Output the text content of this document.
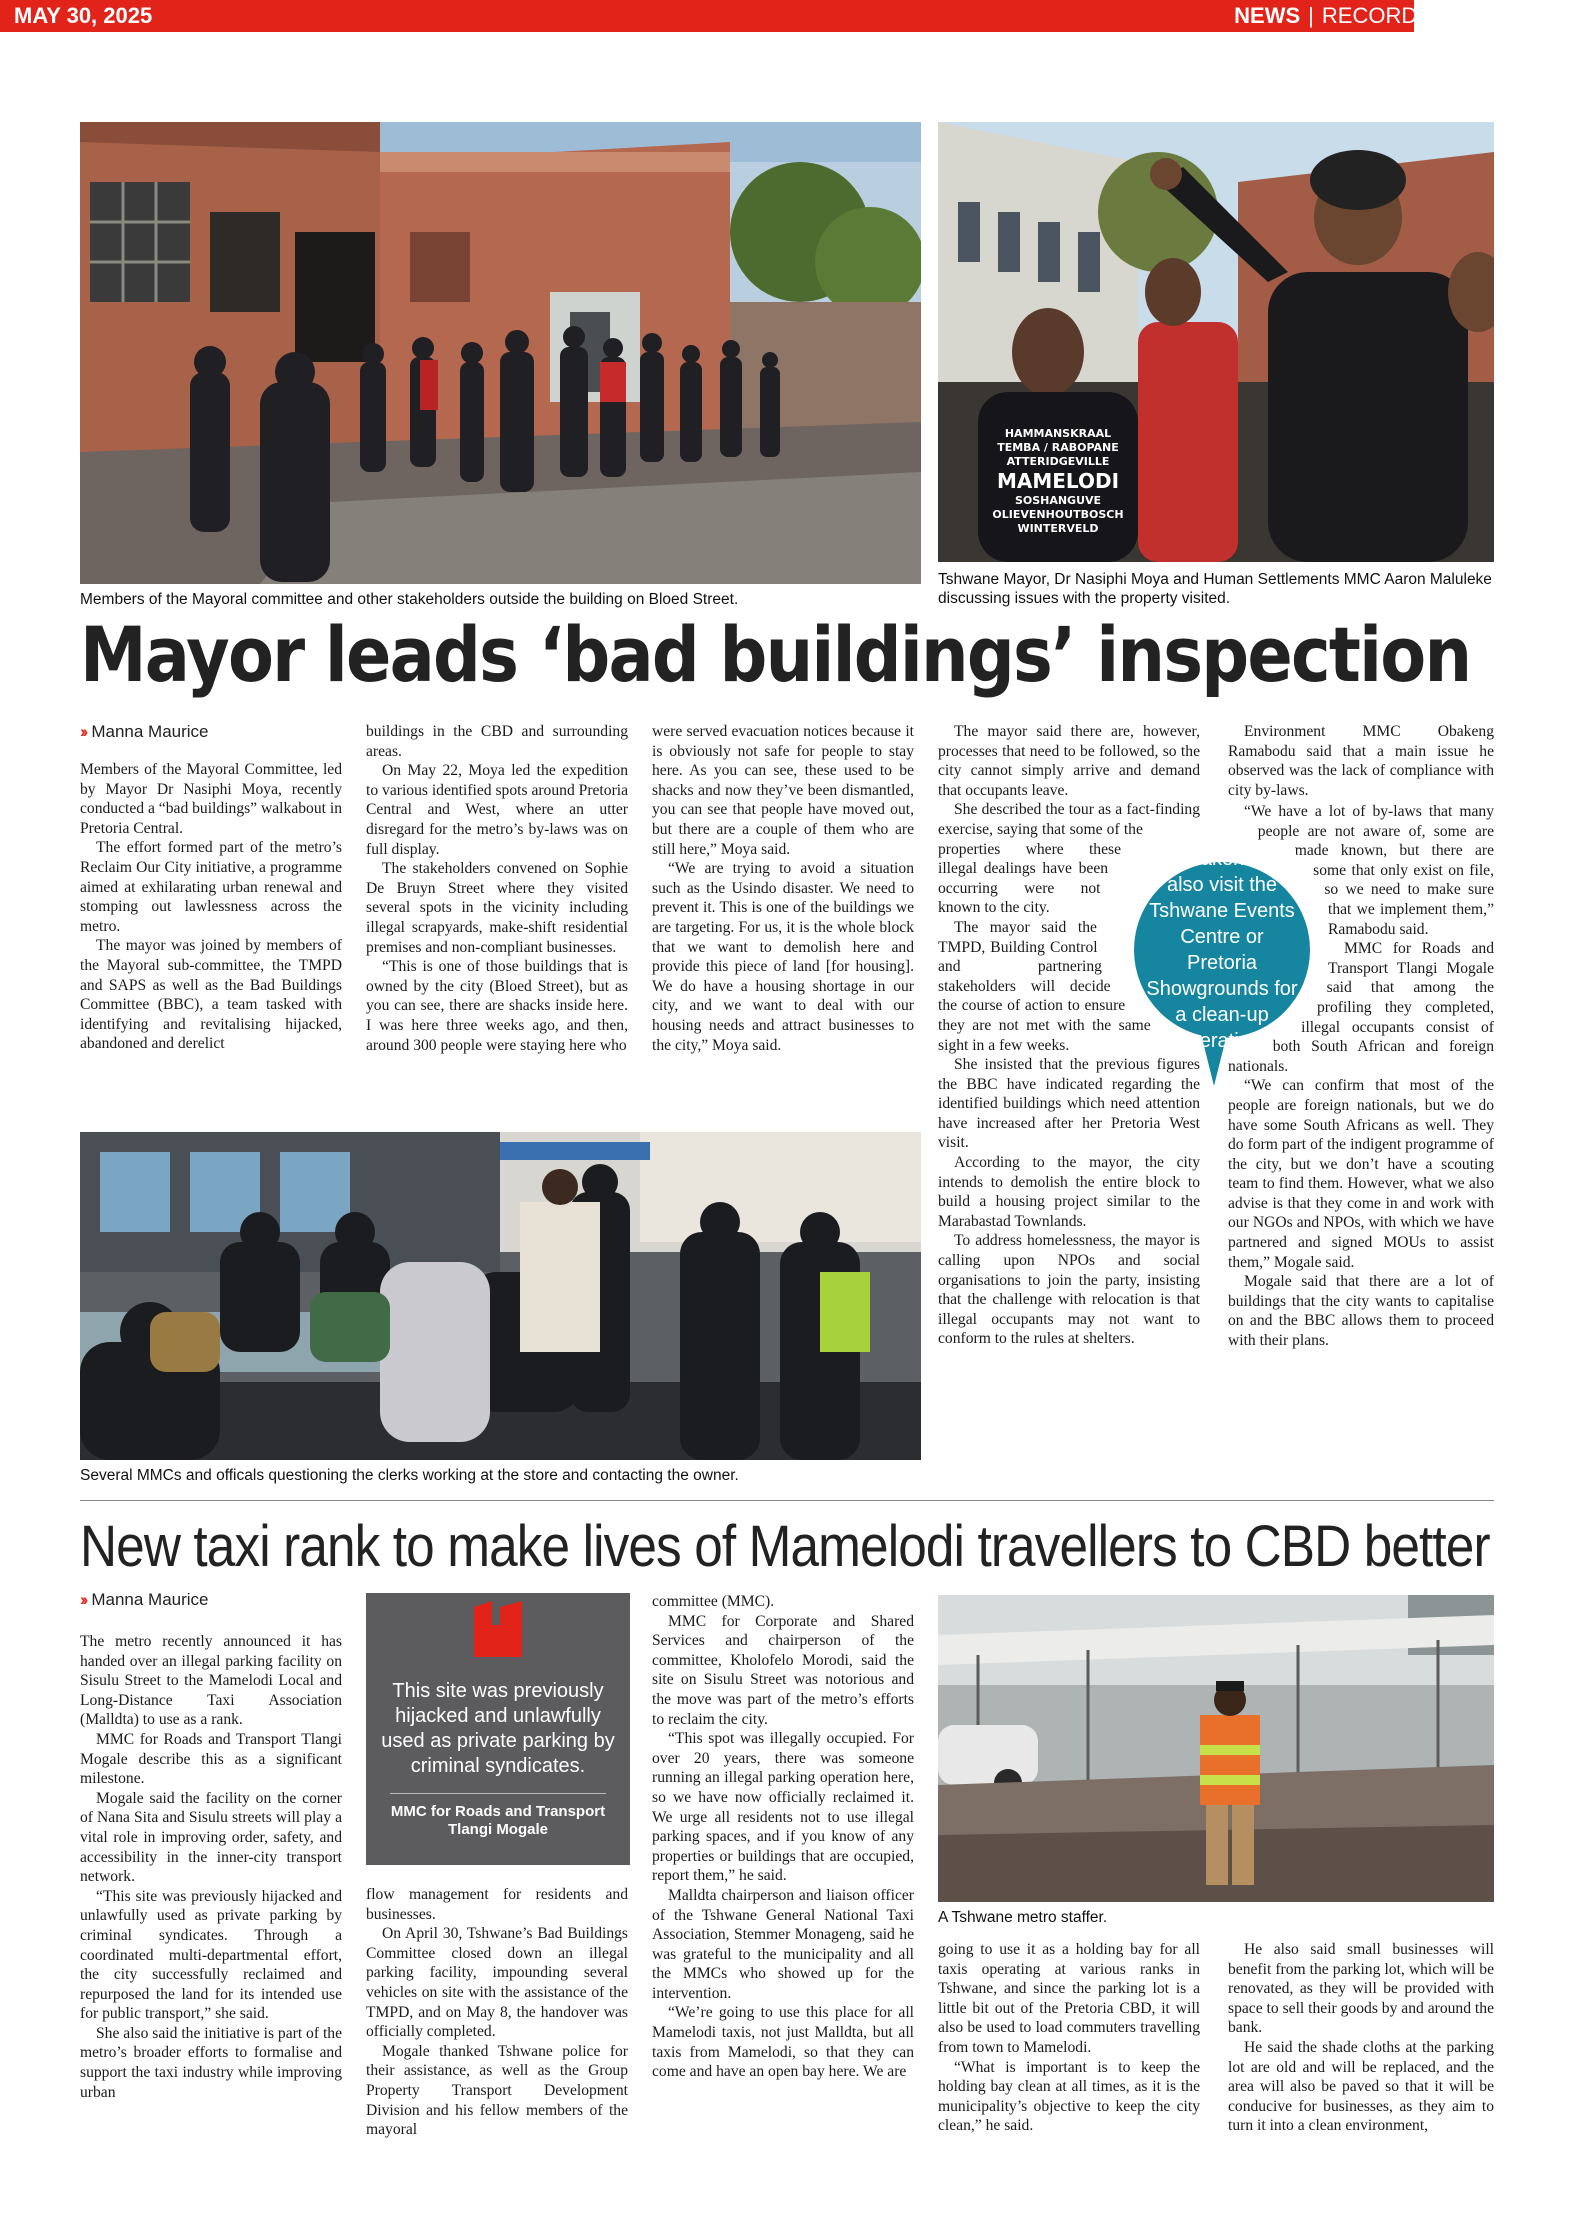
MAY 30, 2025	NEWS | RECORD CENTRAL | 5
Members of the Mayoral committee and other stakeholders outside the building on Bloed Street.
HAMMANSKRAAL
TEMBA / RABOPANE
ATTERIDGEVILLE
MAMELODI
SOSHANGUVE
OLIEVENHOUTBOSCH
WINTERVELD
Tshwane Mayor, Dr Nasiphi Moya and Human Settlements MMC Aaron Maluleke discussing issues with the property visited.
Mayor leads ‘bad buildings’ inspection
›› Manna Maurice

Members of the Mayoral Committee, led by Mayor Dr Nasiphi Moya, recently conducted a “bad buildings” walkabout in Pretoria Central.

The effort formed part of the metro’s Reclaim Our City initiative, a programme aimed at exhilarating urban renewal and stomping out lawlessness across the metro.

The mayor was joined by members of the Mayoral sub-committee, the TMPD and SAPS as well as the Bad Buildings Committee (BBC), a team tasked with identifying and revitalising hijacked, abandoned and derelict

buildings in the CBD and surrounding areas.

On May 22, Moya led the expedition to various identified spots around Pretoria Central and West, where an utter disregard for the metro’s by-laws was on full display.

The stakeholders convened on Sophie De Bruyn Street where they visited several spots in the vicinity including illegal scrapyards, make-shift residential premises and non-compliant businesses.

“This is one of those buildings that is owned by the city (Bloed Street), but as you can see, there are shacks inside here. I was here three weeks ago, and then, around 300 people were staying here who

were served evacuation notices because it is obviously not safe for people to stay here. As you can see, these used to be shacks and now they’ve been dismantled, you can see that people have moved out, but there are a couple of them who are still here,” Moya said.

“We are trying to avoid a situation such as the Usindo disaster. We need to prevent it. This is one of the buildings we are targeting. For us, it is the whole block that we want to demolish here and provide this piece of land [for housing]. We do have a housing shortage in our city, and we want to deal with our housing needs and attract businesses to the city,” Moya said.

The mayor said there are, however, processes that need to be followed, so the city cannot simply arrive and demand that occupants leave.

She described the tour as a fact-finding exercise, saying that some of the properties where these illegal dealings have been occurring were not known to the city.

The mayor said the TMPD, Building Control and partnering stakeholders will decide the course of action to ensure they are not met with the same sight in a few weeks.

She insisted that the previous figures the BBC have indicated regarding the identified buildings which need attention have increased after her Pretoria West visit.

According to the mayor, the city intends to demolish the entire block to build a housing project similar to the Marabastad Townlands.

To address homelessness, the mayor is calling upon NPOs and social organisations to join the party, insisting that the challenge with relocation is that illegal occupants may not want to conform to the rules at shelters.

“We have a lot of by-laws that many people are not aware of, some are made known, but there are some that only exist on file, so we need to make sure that we implement them,” Ramabodu said.

MMC for Roads and Transport Tlangi Mogale said that among the profiling they completed, illegal occupants consist of both South African and foreign nationals.

“We can confirm that most of the people are foreign nationals, but we do have some South Africans as well. They do form part of the indigent programme of the city, but we don’t have a scouting team to find them. However, what we also advise is that they come in and work with our NGOs and NPOs, with which we have partnered and signed MOUs to assist them,” Mogale said.

Mogale said that there are a lot of buildings that the city wants to capitalise on and the BBC allows them to proceed with their plans.

Environment MMC Obakeng Ramabodu said that a main issue he observed was the lack of compliance with city by-laws.

The stakeholders also visit the Tshwane Events Centre or Pretoria Showgrounds for a clean-up operation.
Several MMCs and officals questioning the clerks working at the store and contacting the owner.
New taxi rank to make lives of Mamelodi travellers to CBD better
›› Manna Maurice

The metro recently announced it has handed over an illegal parking facility on Sisulu Street to the Mamelodi Local and Long-Distance Taxi Association (Malldta) to use as a rank.

MMC for Roads and Transport Tlangi Mogale describe this as a significant milestone.

Mogale said the facility on the corner of Nana Sita and Sisulu streets will play a vital role in improving order, safety, and accessibility in the inner-city transport network.

“This site was previously hijacked and unlawfully used as private parking by criminal syndicates. Through a coordinated multi-departmental effort, the city successfully reclaimed and repurposed the land for its intended use for public transport,” she said.

She also said the initiative is part of the metro’s broader efforts to formalise and support the taxi industry while improving urban

This site was previously hijacked and unlawfully used as private parking by criminal syndicates.
MMC for Roads and Transport Tlangi Mogale

flow management for residents and businesses.

On April 30, Tshwane’s Bad Buildings Committee closed down an illegal parking facility, impounding several vehicles on site with the assistance of the TMPD, and on May 8, the handover was officially completed.

Mogale thanked Tshwane police for their assistance, as well as the Group Property Transport Development Division and his fellow members of the mayoral

committee (MMC).

MMC for Corporate and Shared Services and chairperson of the committee, Kholofelo Morodi, said the site on Sisulu Street was notorious and the move was part of the metro’s efforts to reclaim the city.

“This spot was illegally occupied. For over 20 years, there was someone running an illegal parking operation here, so we have now officially reclaimed it. We urge all residents not to use illegal parking spaces, and if you know of any properties or buildings that are occupied, report them,” he said.

Malldta chairperson and liaison officer of the Tshwane General National Taxi Association, Stemmer Monageng, said he was grateful to the municipality and all the MMCs who showed up for the intervention.

“We’re going to use this place for all Mamelodi taxis, not just Malldta, but all taxis from Mamelodi, so that they can come and have an open bay here. We are

A Tshwane metro staffer.

going to use it as a holding bay for all taxis operating at various ranks in Tshwane, and since the parking lot is a little bit out of the Pretoria CBD, it will also be used to load commuters travelling from town to Mamelodi.

“What is important is to keep the holding bay clean at all times, as it is the municipality’s objective to keep the city clean,” he said.

He also said small businesses will benefit from the parking lot, which will be renovated, as they will be provided with space to sell their goods by and around the bank.

He said the shade cloths at the parking lot are old and will be replaced, and the area will also be paved so that it will be conducive for businesses, as they aim to turn it into a clean environment,
